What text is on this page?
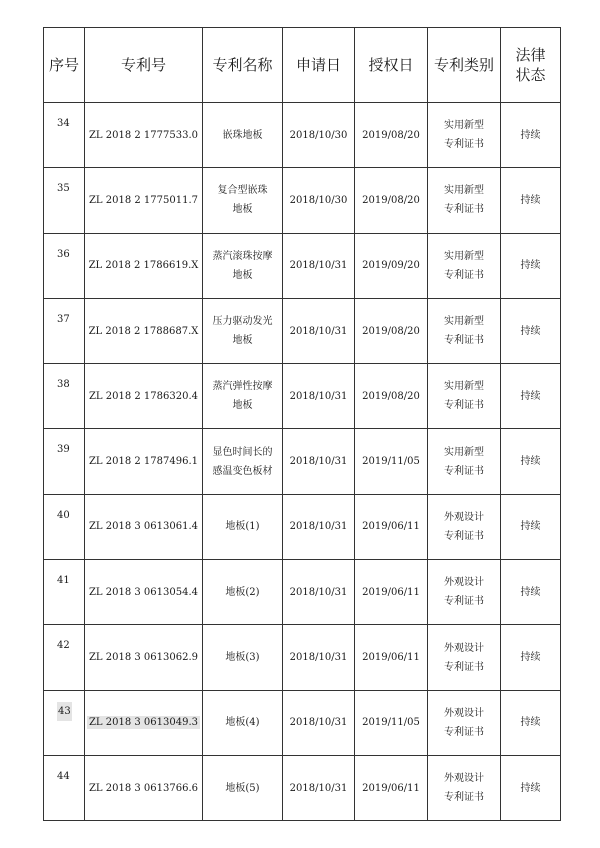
序号	专利号	专利名称	申请日	授权日	专利类别	法律
状态

34	ZL 2018 2 1777533.0	嵌珠地板	2018/10/30	2019/08/20	实用新型
专利证书	持续
35	ZL 2018 2 1775011.7	复合型嵌珠
地板	2018/10/30	2019/08/20	实用新型
专利证书	持续
36	ZL 2018 2 1786619.X	蒸汽滚珠按摩
地板	2018/10/31	2019/09/20	实用新型
专利证书	持续
37	ZL 2018 2 1788687.X	压力驱动发光
地板	2018/10/31	2019/08/20	实用新型
专利证书	持续
38	ZL 2018 2 1786320.4	蒸汽弹性按摩
地板	2018/10/31	2019/08/20	实用新型
专利证书	持续
39	ZL 2018 2 1787496.1	显色时间长的
感温变色板材	2018/10/31	2019/11/05	实用新型
专利证书	持续
40	ZL 2018 3 0613061.4	地板(1)	2018/10/31	2019/06/11	外观设计
专利证书	持续
41	ZL 2018 3 0613054.4	地板(2)	2018/10/31	2019/06/11	外观设计
专利证书	持续
42	ZL 2018 3 0613062.9	地板(3)	2018/10/31	2019/06/11	外观设计
专利证书	持续
43	ZL 2018 3 0613049.3	地板(4)	2018/10/31	2019/11/05	外观设计
专利证书	持续
44	ZL 2018 3 0613766.6	地板(5)	2018/10/31	2019/06/11	外观设计
专利证书	持续
